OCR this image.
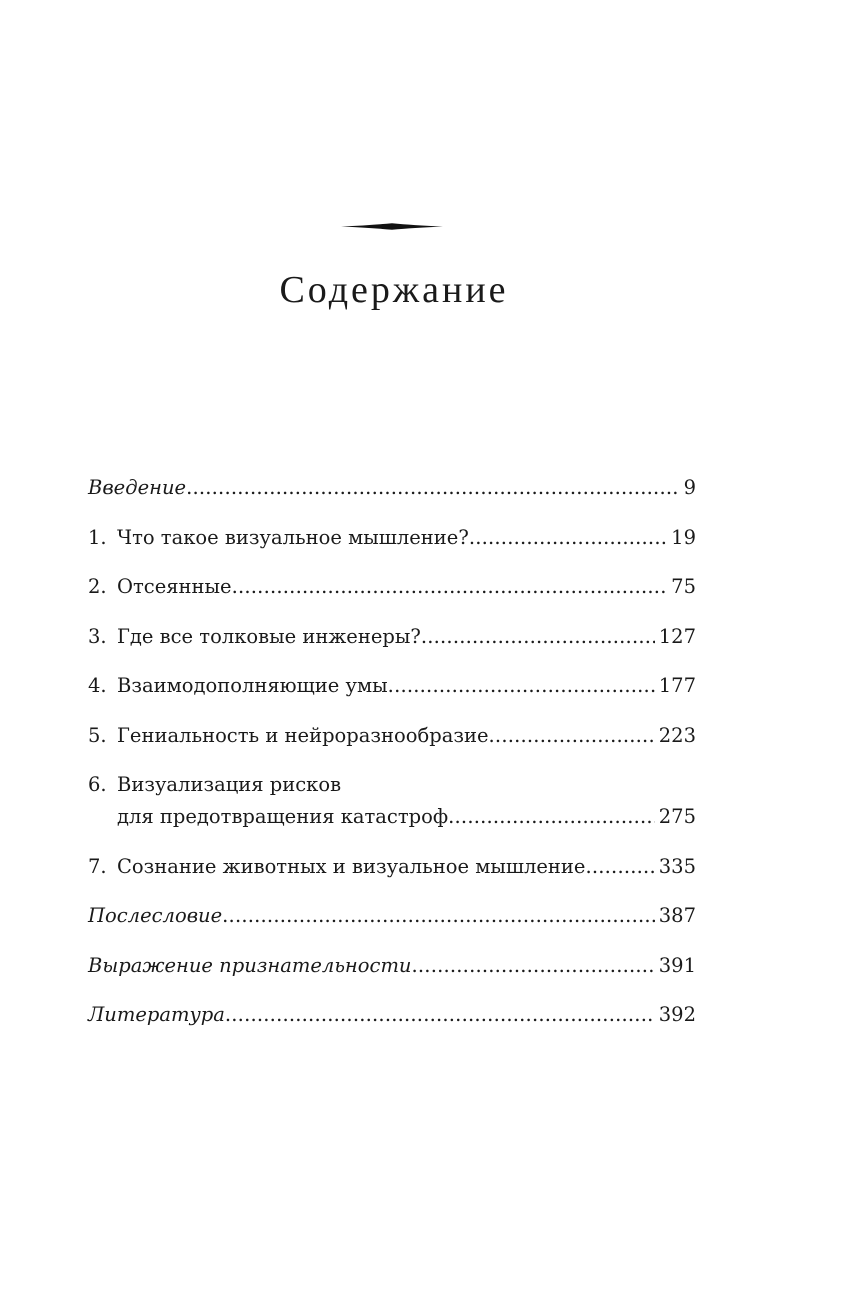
Содержание
Введение . . .	9
1. Что такое визуальное мышление? . . .	19
2. Отсеянные . . .	75
3. Где все толковые инженеры? . . .	127
4. Взаимодополняющие умы . . .	177
5. Гениальность и нейроразнообразие . . .	223
6. Визуализация рисков
для предотвращения катастроф . . .	275
7. Сознание животных и визуальное мышление . . .	335
Послесловие . . .	387
Выражение признательности . . .	391
Литература . . .	392
